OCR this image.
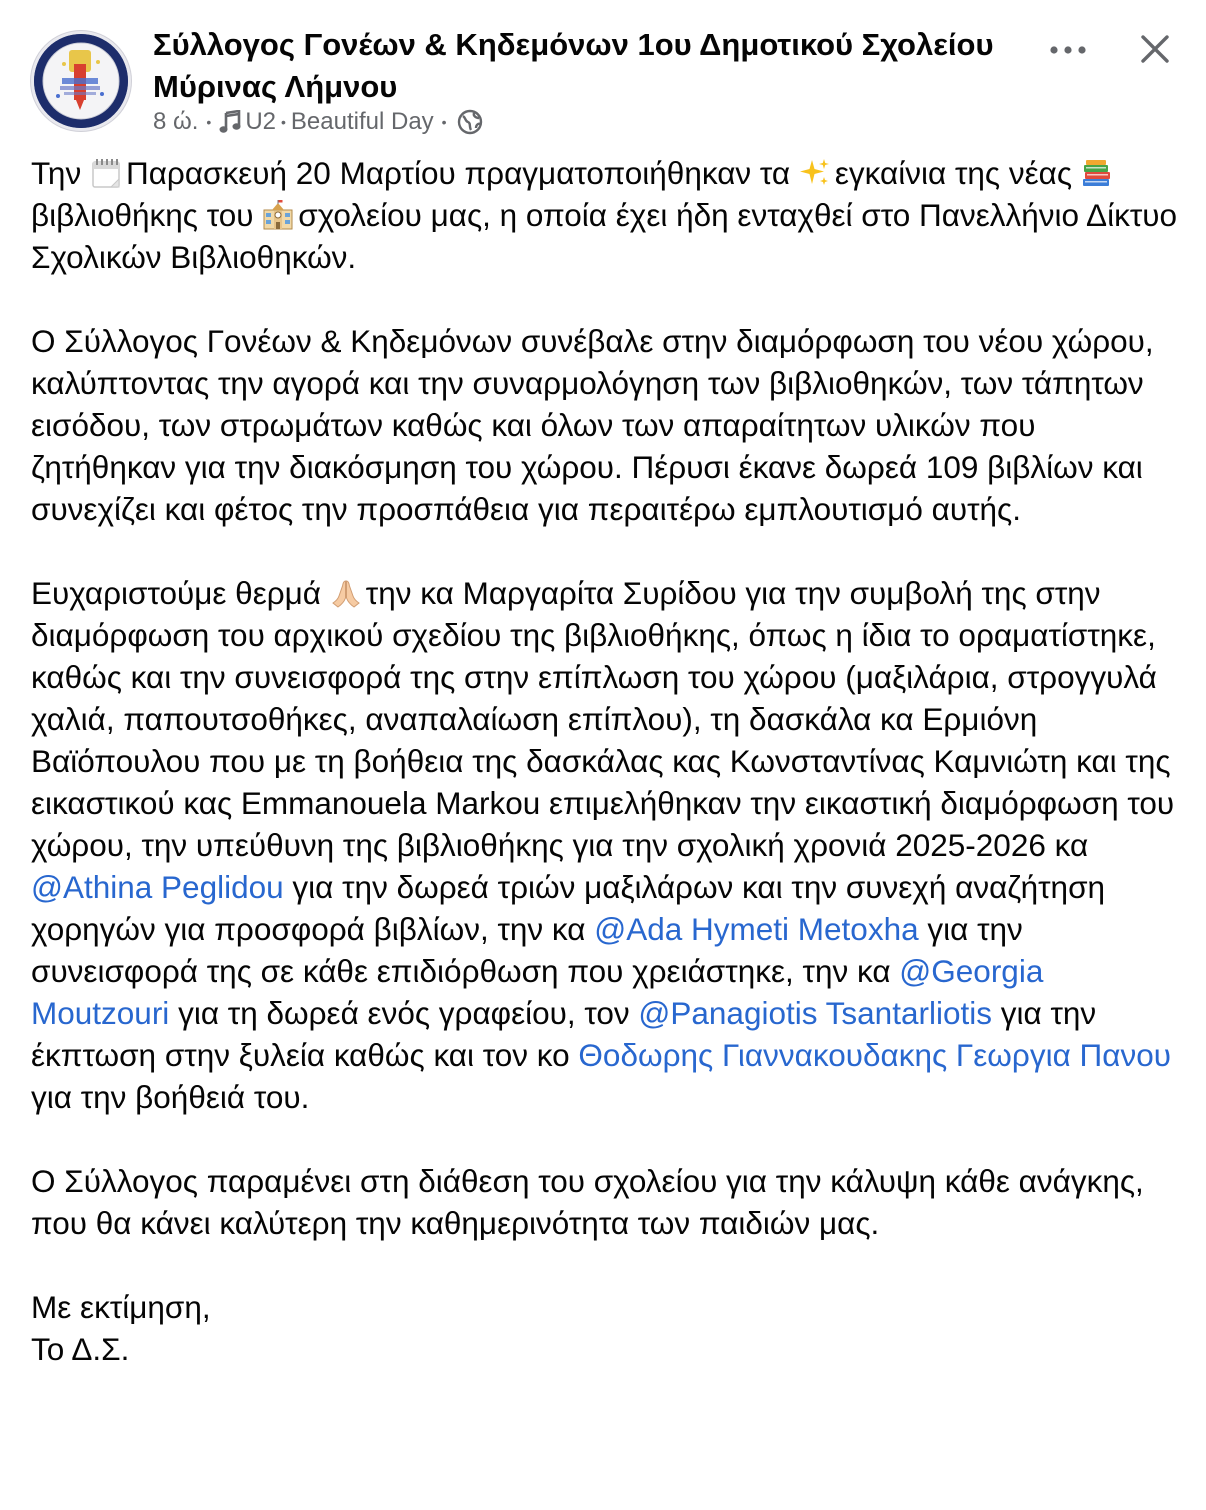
Σύλλογος Γονέων & Κηδεμόνων 1ου Δημοτικού Σχολείου Μύρινας Λήμνου
8 ώ. • U2 • Beautiful Day •

Την
Παρασκευή 20 Μαρτίου πραγματοποιήθηκαν τα
εγκαίνια της νέας
βιβλιοθήκης του
σχολείου μας, η οποία έχει ήδη ενταχθεί στο Πανελλήνιο Δίκτυο Σχολικών Βιβλιοθηκών.

Ο Σύλλογος Γονέων & Κηδεμόνων συνέβαλε στην διαμόρφωση του νέου χώρου, καλύπτοντας την αγορά και την συναρμολόγηση των βιβλιοθηκών, των τάπητων εισόδου, των στρωμάτων καθώς και όλων των απαραίτητων υλικών που ζητήθηκαν για την διακόσμηση του χώρου. Πέρυσι έκανε δωρεά 109 βιβλίων και συνεχίζει και φέτος την προσπάθεια για περαιτέρω εμπλουτισμό αυτής.

Ευχαριστούμε θερμά
την κα Μαργαρίτα Συρίδου για την συμβολή της στην διαμόρφωση του αρχικού σχεδίου της βιβλιοθήκης, όπως η ίδια το οραματίστηκε, καθώς και την συνεισφορά της στην επίπλωση του χώρου (μαξιλάρια, στρογγυλά χαλιά, παπουτσοθήκες, αναπαλαίωση επίπλου), τη δασκάλα κα Ερμιόνη Βαϊόπουλου που με τη βοήθεια της δασκάλας κας Κωνσταντίνας Καμνιώτη και της εικαστικού κας Emmanouela Markou επιμελήθηκαν την εικαστική διαμόρφωση του χώρου, την υπεύθυνη της βιβλιοθήκης για την σχολική χρονιά 2025-2026 κα @Athina Peglidou για την δωρεά τριών μαξιλάρων και την συνεχή αναζήτηση χορηγών για προσφορά βιβλίων, την κα @Ada Hymeti Metoxha για την συνεισφορά της σε κάθε επιδιόρθωση που χρειάστηκε, την κα @Georgia Moutzouri για τη δωρεά ενός γραφείου, τον @Panagiotis Tsantarliotis για την έκπτωση στην ξυλεία καθώς και τον κο Θοδωρης Γιαννακουδακης Γεωργια Πανου για την βοήθειά του.

Ο Σύλλογος παραμένει στη διάθεση του σχολείου για την κάλυψη κάθε ανάγκης, που θα κάνει καλύτερη την καθημερινότητα των παιδιών μας.

Με εκτίμηση,
Το Δ.Σ.
